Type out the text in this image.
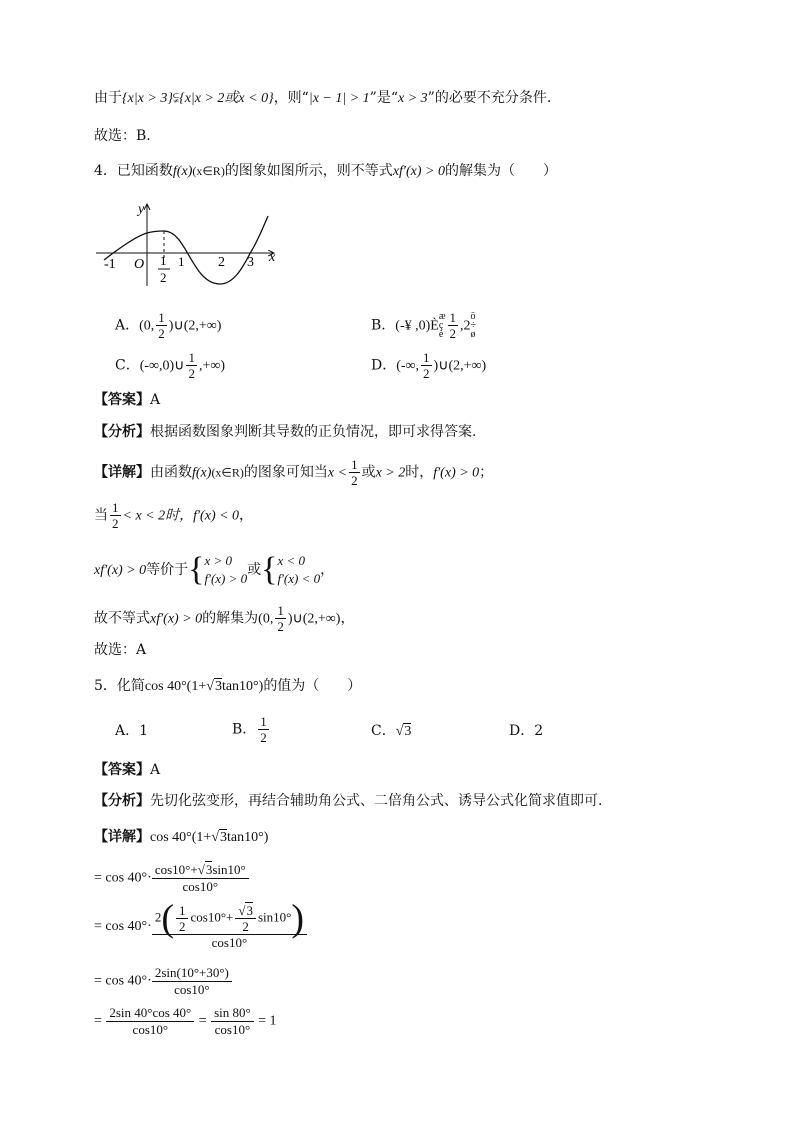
由于{x|x > 3}⫋{x|x > 2或x < 0}，则“|x − 1| > 1”是“x > 3”的必要不充分条件.
故选：B.
4．已知函数f(x)(x∈R)的图象如图所示，则不等式xf′(x) > 0的解集为（　　）
y
x
O
-1	1 2 3
1
2
A．(0, $\frac{1}{2}$ )∪(2,+∞)	B．(-¥ ,0)Èæ
ç
è $\frac{1}{2}$ ,2ö
÷
ø
C．(-∞,0)∪ $\frac{1}{2}$ ,+∞)	D．(-∞, $\frac{1}{2}$ )∪(2,+∞)
【答案】A
【分析】根据函数图象判断其导数的正负情况，即可求得答案.
【详解】由函数f(x)(x∈R)的图象可知当$x < \frac{1}{2}$ 或x > 2时，f′(x) > 0；
当 $\frac{1}{2} < x < 2$时，f′(x) < 0，
xf′(x) > 0等价于{x > 0
f′(x) > 0或{x < 0
f′(x) < 0，
故不等式xf′(x) > 0的解集为(0, $\frac{1}{2}$ )∪(2,+∞)，
故选：A
5．化简cos 40°(1+√3tan10°)的值为（　　）
A．1	B． $\frac{1}{2}$	C．√3	D．2
【答案】A
【分析】先切化弦变形，再结合辅助角公式、二倍角公式、诱导公式化简求值即可.
【详解】cos 40°(1+√3tan10°)
= $\cos 40^\circ\cdot \frac{\cos 10^\circ+√3\sin 10^\circ}{\cos 10^\circ}$
= $\cos 40^\circ\cdot \frac{2( \frac{1}{2} \cos 10^\circ+ \frac{√3}{2} \sin 10^\circ)}{\cos 10^\circ}$
= $\cos 40^\circ\cdot \frac{2\sin(10^\circ+30^\circ)}{\cos 10^\circ}$
= $\frac{2\sin 40^\circ\cos 40^\circ}{\cos 10^\circ} = \frac{\sin 80^\circ}{\cos 10^\circ} = 1$
